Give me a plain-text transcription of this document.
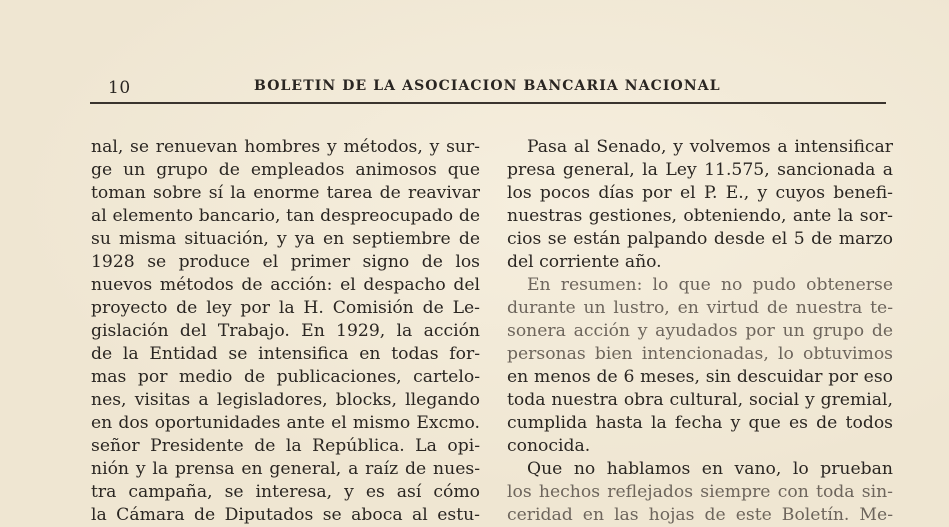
10	BOLETIN DE LA ASOCIACION BANCARIA NACIONAL
nal, se renuevan hombres y métodos, y sur-
ge un grupo de empleados animosos que
toman sobre sí la enorme tarea de reavivar
al elemento bancario, tan despreocupado de
su misma situación, y ya en septiembre de
1928 se produce el primer signo de los
nuevos métodos de acción: el despacho del
proyecto de ley por la H. Comisión de Le-
gislación del Trabajo. En 1929, la acción
de la Entidad se intensifica en todas for-
mas por medio de publicaciones, cartelo-
nes, visitas a legisladores, blocks, llegando
en dos oportunidades ante el mismo Excmo.
señor Presidente de la República. La opi-
nión y la prensa en general, a raíz de nues-
tra campaña, se interesa, y es así cómo
la Cámara de Diputados se aboca al estu-
Pasa al Senado, y volvemos a intensificar
presa general, la Ley 11.575, sancionada a
los pocos días por el P. E., y cuyos benefi-
nuestras gestiones, obteniendo, ante la sor-
cios se están palpando desde el 5 de marzo
del corriente año.
En resumen: lo que no pudo obtenerse
durante un lustro, en virtud de nuestra te-
sonera acción y ayudados por un grupo de
personas bien intencionadas, lo obtuvimos
en menos de 6 meses, sin descuidar por eso
toda nuestra obra cultural, social y gremial,
cumplida hasta la fecha y que es de todos
conocida.
Que no hablamos en vano, lo prueban
los hechos reflejados siempre con toda sin-
ceridad en las hojas de este Boletín. Me-
